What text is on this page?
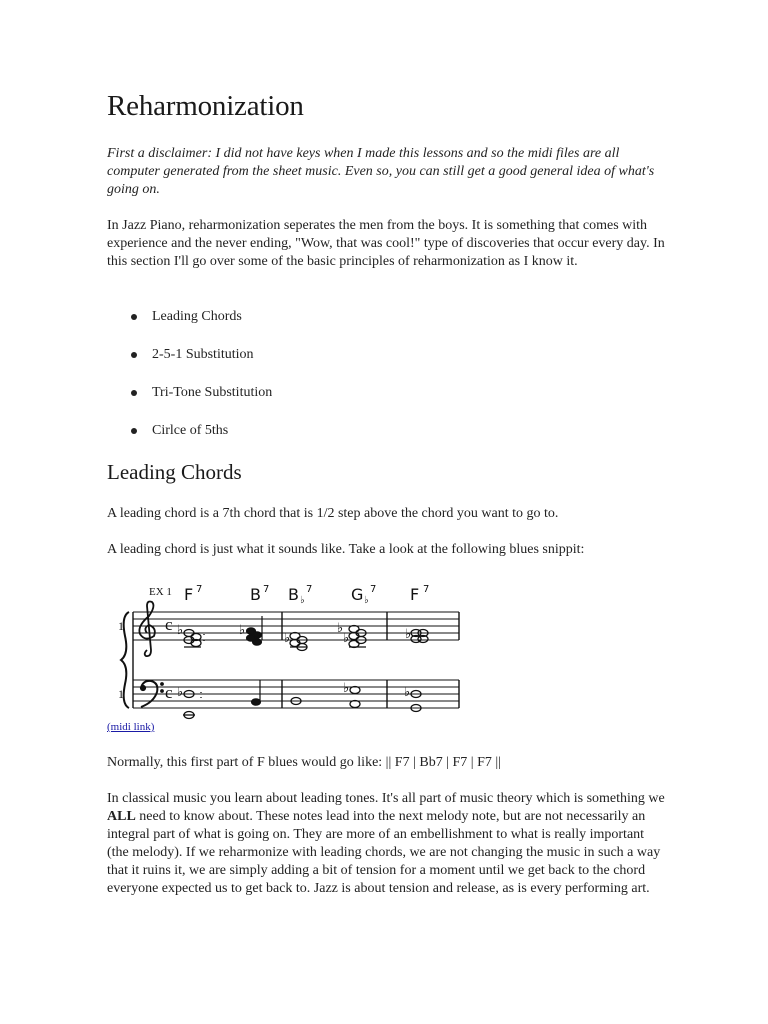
Reharmonization

First a disclaimer: I did not have keys when I made this lessons and so the midi files are all computer generated from the sheet music. Even so, you can still get a good general idea of what's going on.

In Jazz Piano, reharmonization seperates the men from the boys. It is something that comes with experience and the never ending, "Wow, that was cool!" type of discoveries that occur every day. In this section I'll go over some of the basic principles of reharmonization as I know it.

Leading Chords
2-5-1 Substitution
Tri-Tone Substitution
Cirlce of 5ths
Leading Chords

A leading chord is a 7th chord that is 1/2 step above the chord you want to go to.

A leading chord is just what it sounds like. Take a look at the following blues snippit:

(midi link)

Normally, this first part of F blues would go like: || F7 | Bb7 | F7 | F7 ||

In classical music you learn about leading tones. It's all part of music theory which is something we ALL need to know about. These notes lead into the next melody note, but are not necessarily an integral part of what is going on. They are more of an embellishment to what is really important (the melody). If we reharmonize with leading chords, we are not changing the music in such a way that it ruins it, we are simply adding a bit of tension for a moment until we get back to the chord everyone expected us to get back to. Jazz is about tension and release, as is every performing art.

EX 1 F 7	B 7 B ♭
7 G ♭
7 F 7
1
1
c
c
♭	♭
♭
♭
♭	♭
♭	♭	♭
